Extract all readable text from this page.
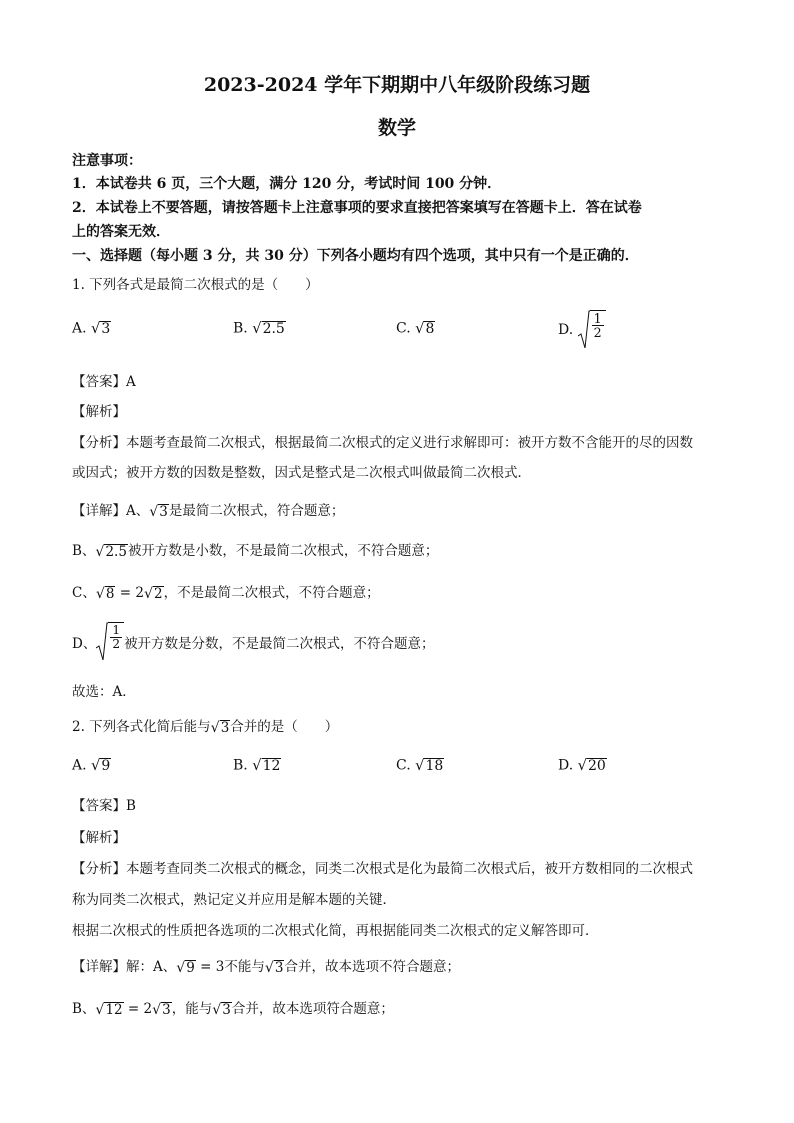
2023-2024 学年下期期中八年级阶段练习题
数学
注意事项：
1．本试卷共 6 页，三个大题，满分 120 分，考试时间 100 分钟．
2．本试卷上不要答题，请按答题卡上注意事项的要求直接把答案填写在答题卡上．答在试卷
上的答案无效．
一、选择题（每小题 3 分，共 30 分）下列各小题均有四个选项，其中只有一个是正确的．
1. 下列各式是最简二次根式的是（　　）
A. √3	B. √2.5	C. √8	D. $\frac{1}{2}$
【答案】A
【解析】
【分析】本题考查最简二次根式，根据最简二次根式的定义进行求解即可：被开方数不含能开的尽的因数
或因式；被开方数的因数是整数，因式是整式是二次根式叫做最简二次根式．
【详解】A、√3是最简二次根式，符合题意；
B、√2.5被开方数是小数，不是最简二次根式，不符合题意；
C、√8 = 2√2，不是最简二次根式，不符合题意；
D、 $\frac{1}{2}$ 被开方数是分数，不是最简二次根式，不符合题意；
故选：A．
2. 下列各式化简后能与√3合并的是（　　）
A. √9	B. √12	C. √18	D. √20
【答案】B
【解析】
【分析】本题考查同类二次根式的概念，同类二次根式是化为最简二次根式后，被开方数相同的二次根式
称为同类二次根式，熟记定义并应用是解本题的关键．
根据二次根式的性质把各选项的二次根式化简，再根据能同类二次根式的定义解答即可．
【详解】解：A、√9 = 3不能与√3合并，故本选项不符合题意；
B、√12 = 2√3，能与√3合并，故本选项符合题意；
